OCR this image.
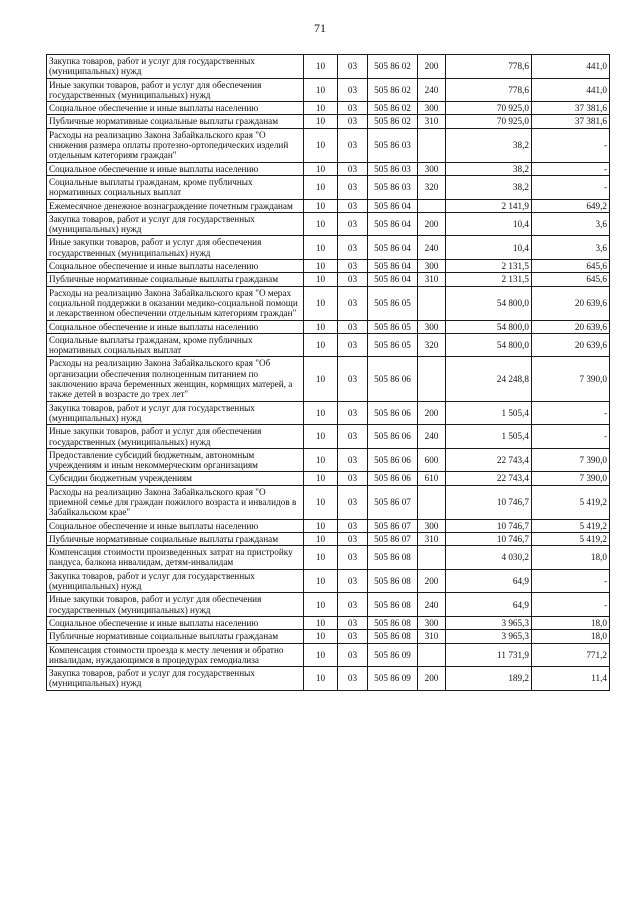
71
Закупка товаров, работ и услуг для государственных (муниципальных) нужд	10	03	505 86 02	200	778,6	441,0
Иные закупки товаров, работ и услуг для обеспечения государственных (муниципальных) нужд	10	03	505 86 02	240	778,6	441,0
Социальное обеспечение и иные выплаты населению	10	03	505 86 02	300	70 925,0	37 381,6
Публичные нормативные социальные выплаты гражданам	10	03	505 86 02	310	70 925,0	37 381,6
Расходы на реализацию Закона Забайкальского края "О снижения размера оплаты протезно-ортопедических изделий отдельным категориям граждан"	10	03	505 86 03		38,2	-
Социальное обеспечение и иные выплаты населению	10	03	505 86 03	300	38,2	-
Социальные выплаты гражданам, кроме публичных нормативных социальных выплат	10	03	505 86 03	320	38,2	-
Ежемесячное денежное вознаграждение почетным гражданам	10	03	505 86 04		2 141,9	649,2
Закупка товаров, работ и услуг для государственных (муниципальных) нужд	10	03	505 86 04	200	10,4	3,6
Иные закупки товаров, работ и услуг для обеспечения государственных (муниципальных) нужд	10	03	505 86 04	240	10,4	3,6
Социальное обеспечение и иные выплаты населению	10	03	505 86 04	300	2 131,5	645,6
Публичные нормативные социальные выплаты гражданам	10	03	505 86 04	310	2 131,5	645,6
Расходы на реализацию Закона Забайкальского края "О мерах социальной поддержки в оказании медико-социальной помощи и лекарственном обеспечении отдельным категориям граждан"	10	03	505 86 05		54 800,0	20 639,6
Социальное обеспечение и иные выплаты населению	10	03	505 86 05	300	54 800,0	20 639,6
Социальные выплаты гражданам, кроме публичных нормативных социальных выплат	10	03	505 86 05	320	54 800,0	20 639,6
Расходы на реализацию Закона Забайкальского края "Об организации обеспечения полноценным питанием по заключению врача беременных женщин, кормящих матерей, а также детей в возрасте до трех лет"	10	03	505 86 06		24 248,8	7 390,0
Закупка товаров, работ и услуг для государственных (муниципальных) нужд	10	03	505 86 06	200	1 505,4	-
Иные закупки товаров, работ и услуг для обеспечения государственных (муниципальных) нужд	10	03	505 86 06	240	1 505,4	-
Предоставление субсидий бюджетным, автономным учреждениям и иным некоммерческим организациям	10	03	505 86 06	600	22 743,4	7 390,0
Субсидии бюджетным учреждениям	10	03	505 86 06	610	22 743,4	7 390,0
Расходы на реализацию Закона Забайкальского края "О приемной семье для граждан пожилого возраста и инвалидов в Забайкальском крае"	10	03	505 86 07		10 746,7	5 419,2
Социальное обеспечение и иные выплаты населению	10	03	505 86 07	300	10 746,7	5 419,2
Публичные нормативные социальные выплаты гражданам	10	03	505 86 07	310	10 746,7	5 419,2
Компенсация стоимости произведенных затрат на пристройку пандуса, балкона инвалидам, детям-инвалидам	10	03	505 86 08		4 030,2	18,0
Закупка товаров, работ и услуг для государственных (муниципальных) нужд	10	03	505 86 08	200	64,9	-
Иные закупки товаров, работ и услуг для обеспечения государственных (муниципальных) нужд	10	03	505 86 08	240	64,9	-
Социальное обеспечение и иные выплаты населению	10	03	505 86 08	300	3 965,3	18,0
Публичные нормативные социальные выплаты гражданам	10	03	505 86 08	310	3 965,3	18,0
Компенсация стоимости проезда к месту лечения и обратно инвалидам, нуждающимся в процедурах гемодиализа	10	03	505 86 09		11 731,9	771,2
Закупка товаров, работ и услуг для государственных (муниципальных) нужд	10	03	505 86 09	200	189,2	11,4
